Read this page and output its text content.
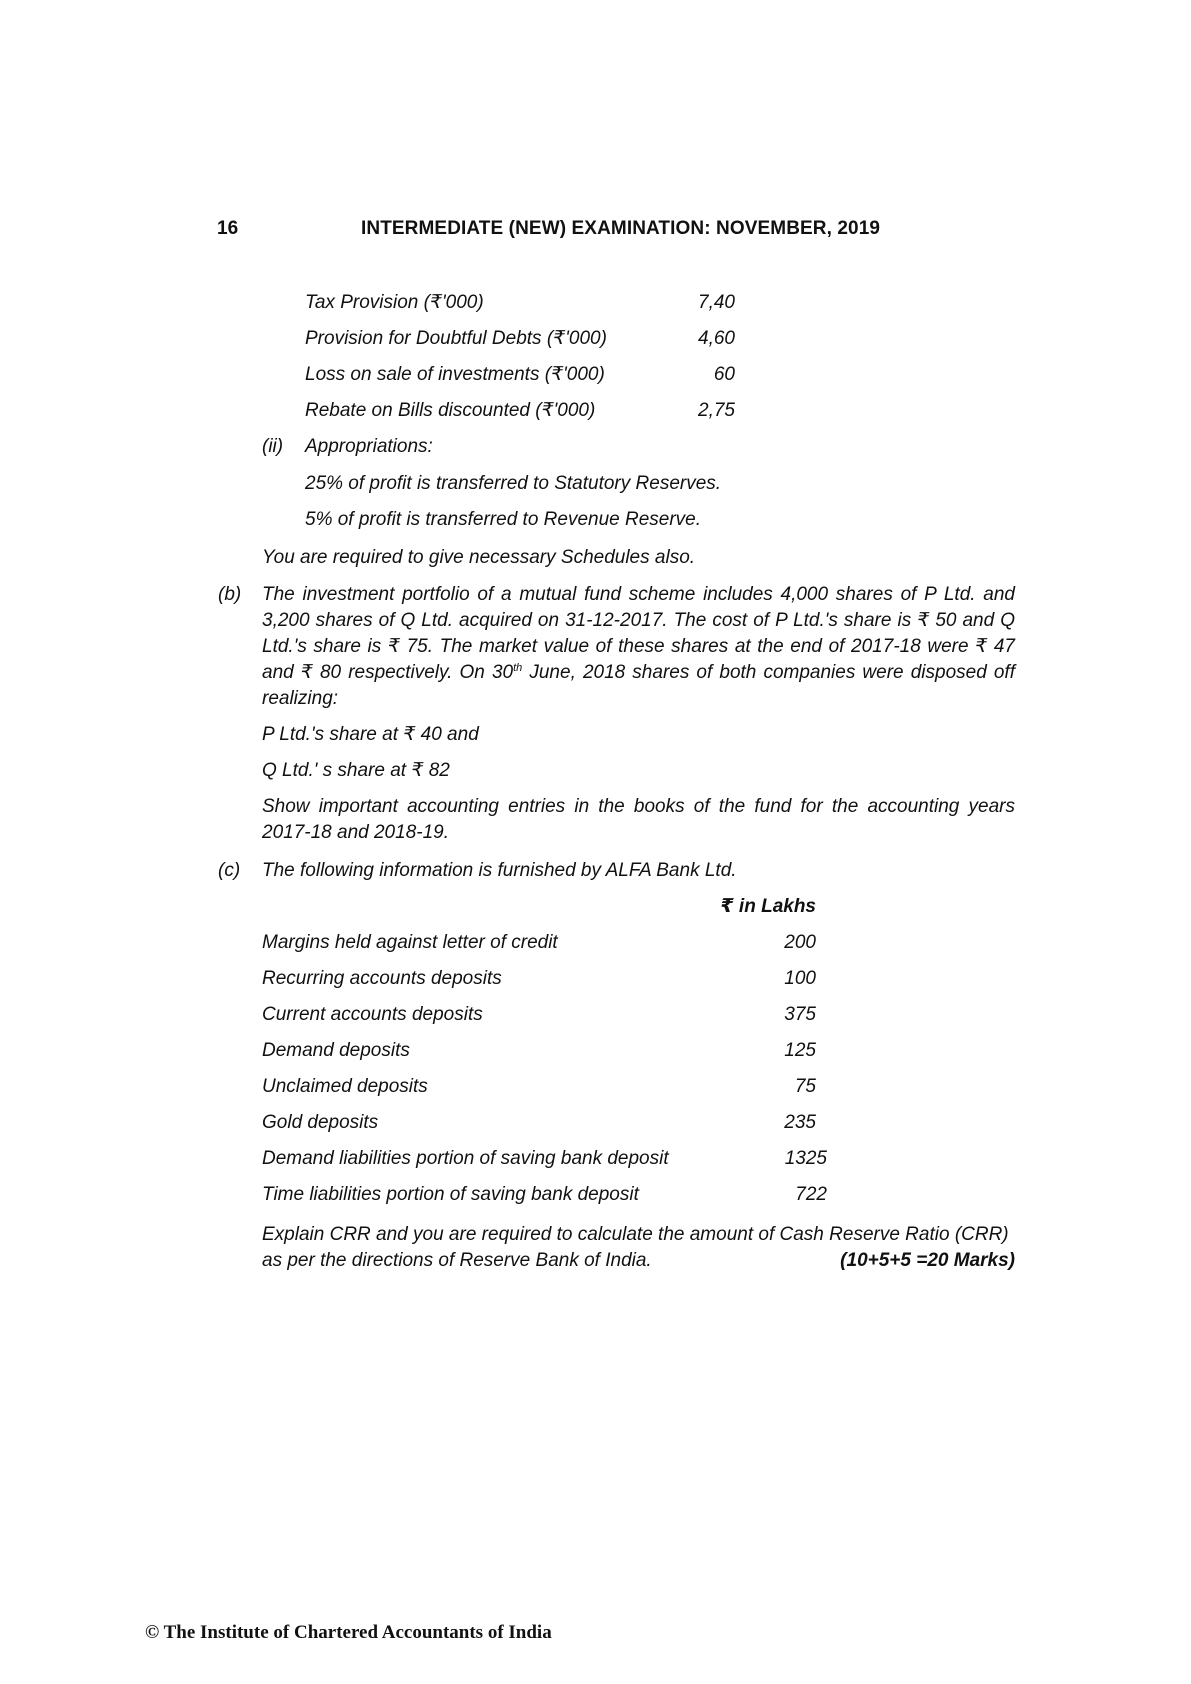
16	INTERMEDIATE (NEW) EXAMINATION: NOVEMBER, 2019
Tax Provision (₹'000)	7,40
Provision for Doubtful Debts (₹'000)	4,60
Loss on sale of investments (₹'000)	60
Rebate on Bills discounted (₹'000)	2,75
(ii) Appropriations:
25% of profit is transferred to Statutory Reserves.
5% of profit is transferred to Revenue Reserve.
You are required to give necessary Schedules also.
(b) The investment portfolio of a mutual fund scheme includes 4,000 shares of P Ltd. and 3,200 shares of Q Ltd. acquired on 31-12-2017. The cost of P Ltd.'s share is ₹ 50 and Q Ltd.'s share is ₹ 75. The market value of these shares at the end of 2017-18 were ₹ 47 and ₹ 80 respectively. On 30th June, 2018 shares of both companies were disposed off realizing:
P Ltd.'s share at ₹ 40 and
Q Ltd.' s share at ₹ 82
Show important accounting entries in the books of the fund for the accounting years 2017-18 and 2018-19.
(c) The following information is furnished by ALFA Bank Ltd.
₹ in Lakhs
Margins held against letter of credit	200
Recurring accounts deposits	100
Current accounts deposits	375
Demand deposits	125
Unclaimed deposits	75
Gold deposits	235
Demand liabilities portion of saving bank deposit	1325
Time liabilities portion of saving bank deposit	722
Explain CRR and you are required to calculate the amount of Cash Reserve Ratio (CRR)
as per the directions of Reserve Bank of India.	(10+5+5 =20 Marks)
© The Institute of Chartered Accountants of India
